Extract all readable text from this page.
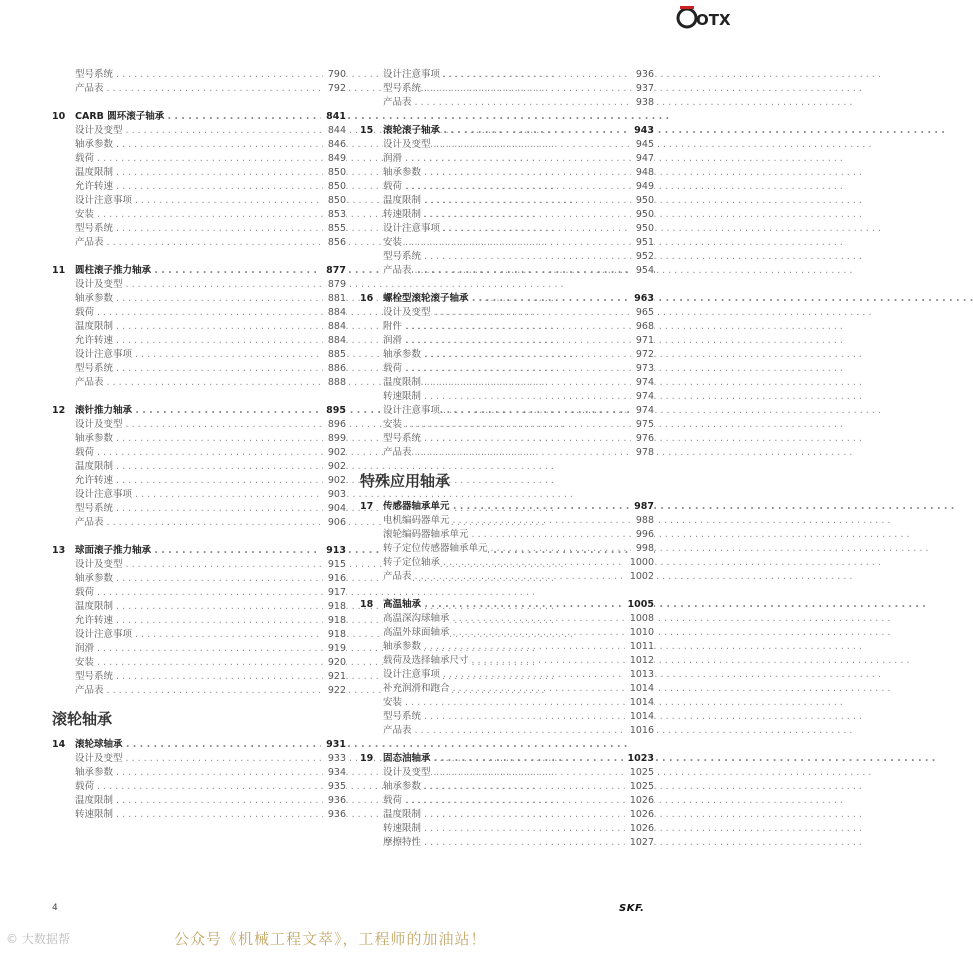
OTX
型号系统 . . .	790
产品表 . . .	792
10	CARB 圆环滚子轴承 . . .	841
设计及变型 . . .	844
轴承参数 . . .	846
载荷 . . .	849
温度限制 . . .	850
允许转速 . . .	850
设计注意事项 . . .	850
安装 . . .	853
型号系统 . . .	855
产品表 . . .	856
11	圆柱滚子推力轴承 . . .	877
设计及变型 . . .	879
轴承参数 . . .	881
载荷 . . .	884
温度限制 . . .	884
允许转速 . . .	884
设计注意事项 . . .	885
型号系统 . . .	886
产品表 . . .	888
12	滚针推力轴承 . . .	895
设计及变型 . . .	896
轴承参数 . . .	899
载荷 . . .	902
温度限制 . . .	902
允许转速 . . .	902
设计注意事项 . . .	903
型号系统 . . .	904
产品表 . . .	906
13	球面滚子推力轴承 . . .	913
设计及变型 . . .	915
轴承参数 . . .	916
载荷 . . .	917
温度限制 . . .	918
允许转速 . . .	918
设计注意事项 . . .	918
润滑 . . .	919
安装 . . .	920
型号系统 . . .	921
产品表 . . .	922
滚轮轴承
14	滚轮球轴承 . . .	931
设计及变型 . . .	933
轴承参数 . . .	934
载荷 . . .	935
温度限制 . . .	936
转速限制 . . .	936
设计注意事项 . . .	936
型号系统 . . .	937
产品表 . . .	938
15	滚轮滚子轴承 . . .	943
设计及变型 . . .	945
润滑 . . .	947
轴承参数 . . .	948
载荷 . . .	949
温度限制 . . .	950
转速限制 . . .	950
设计注意事项 . . .	950
安装 . . .	951
型号系统 . . .	952
产品表 . . .	954
16	螺栓型滚轮滚子轴承 . . .	963
设计及变型 . . .	965
附件 . . .	968
润滑 . . .	971
轴承参数 . . .	972
载荷 . . .	973
温度限制 . . .	974
转速限制 . . .	974
设计注意事项 . . .	974
安装 . . .	975
型号系统 . . .	976
产品表 . . .	978
特殊应用轴承
17	传感器轴承单元 . . .	987
电机编码器单元 . . .	988
滚轮编码器轴承单元 . . .	996
转子定位传感器轴承单元 . . .	998
转子定位轴承 . . .	1000
产品表 . . .	1002
18	高温轴承 . . .	1005
高温深沟球轴承 . . .	1008
高温外球面轴承 . . .	1010
轴承参数 . . .	1011
载荷及选择轴承尺寸 . . .	1012
设计注意事项 . . .	1013
补充润滑和跑合 . . .	1014
安装 . . .	1014
型号系统 . . .	1014
产品表 . . .	1016
19	固态油轴承 . . .	1023
设计及变型 . . .	1025
轴承参数 . . .	1025
载荷 . . .	1026
温度限制 . . .	1026
转速限制 . . .	1026
摩擦特性 . . .	1027
4	SKF.
© 大数据帮	公众号《机械工程文萃》，工程师的加油站！
